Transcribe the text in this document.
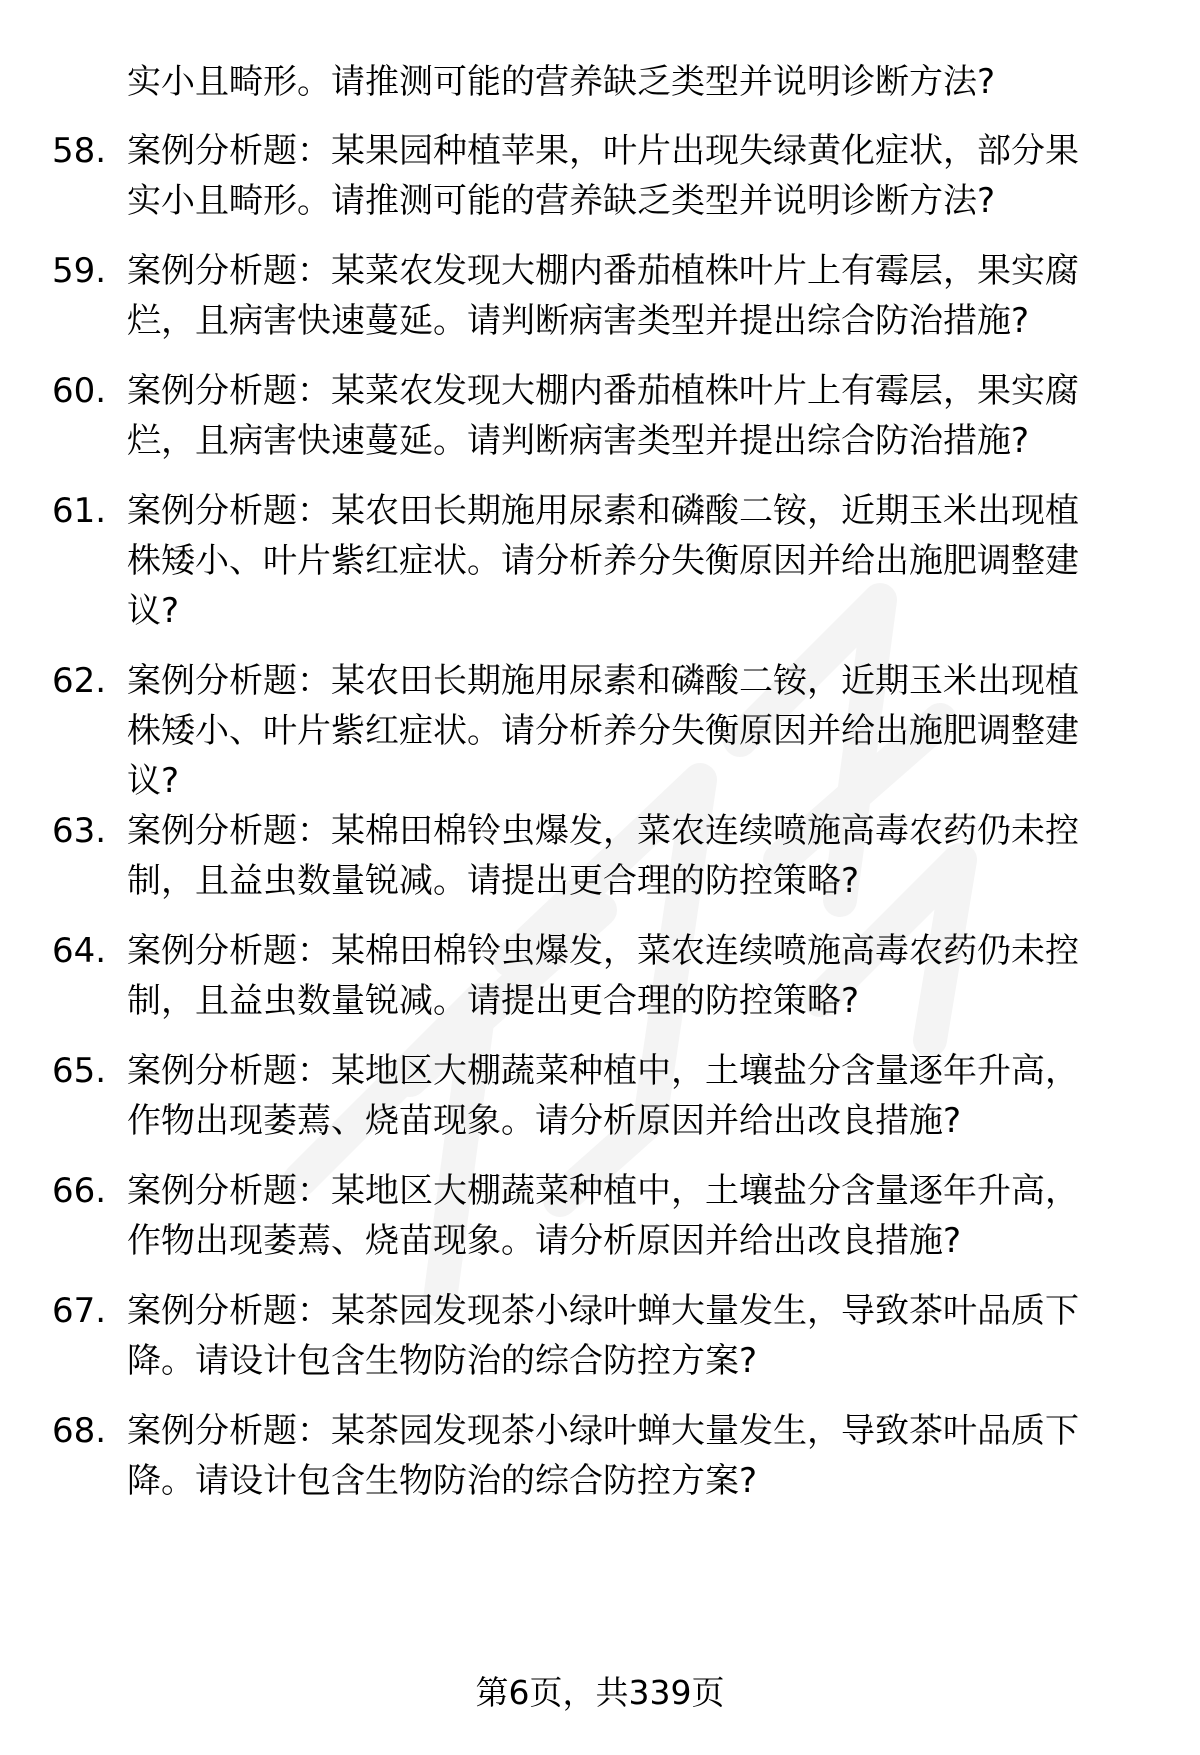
实小且畸形。请推测可能的营养缺乏类型并说明诊断方法?
58. 案例分析题：某果园种植苹果，叶片出现失绿黄化症状，部分果
实小且畸形。请推测可能的营养缺乏类型并说明诊断方法?
59. 案例分析题：某菜农发现大棚内番茄植株叶片上有霉层，果实腐
烂，且病害快速蔓延。请判断病害类型并提出综合防治措施?
60. 案例分析题：某菜农发现大棚内番茄植株叶片上有霉层，果实腐
烂，且病害快速蔓延。请判断病害类型并提出综合防治措施?
61. 案例分析题：某农田长期施用尿素和磷酸二铵，近期玉米出现植
株矮小、叶片紫红症状。请分析养分失衡原因并给出施肥调整建
议?
62. 案例分析题：某农田长期施用尿素和磷酸二铵，近期玉米出现植
株矮小、叶片紫红症状。请分析养分失衡原因并给出施肥调整建
议?
63. 案例分析题：某棉田棉铃虫爆发，菜农连续喷施高毒农药仍未控
制，且益虫数量锐减。请提出更合理的防控策略?
64. 案例分析题：某棉田棉铃虫爆发，菜农连续喷施高毒农药仍未控
制，且益虫数量锐减。请提出更合理的防控策略?
65. 案例分析题：某地区大棚蔬菜种植中，土壤盐分含量逐年升高，
作物出现萎蔫、烧苗现象。请分析原因并给出改良措施?
66. 案例分析题：某地区大棚蔬菜种植中，土壤盐分含量逐年升高，
作物出现萎蔫、烧苗现象。请分析原因并给出改良措施?
67. 案例分析题：某茶园发现茶小绿叶蝉大量发生，导致茶叶品质下
降。请设计包含生物防治的综合防控方案?
68. 案例分析题：某茶园发现茶小绿叶蝉大量发生，导致茶叶品质下
降。请设计包含生物防治的综合防控方案?
第6页，共339页
